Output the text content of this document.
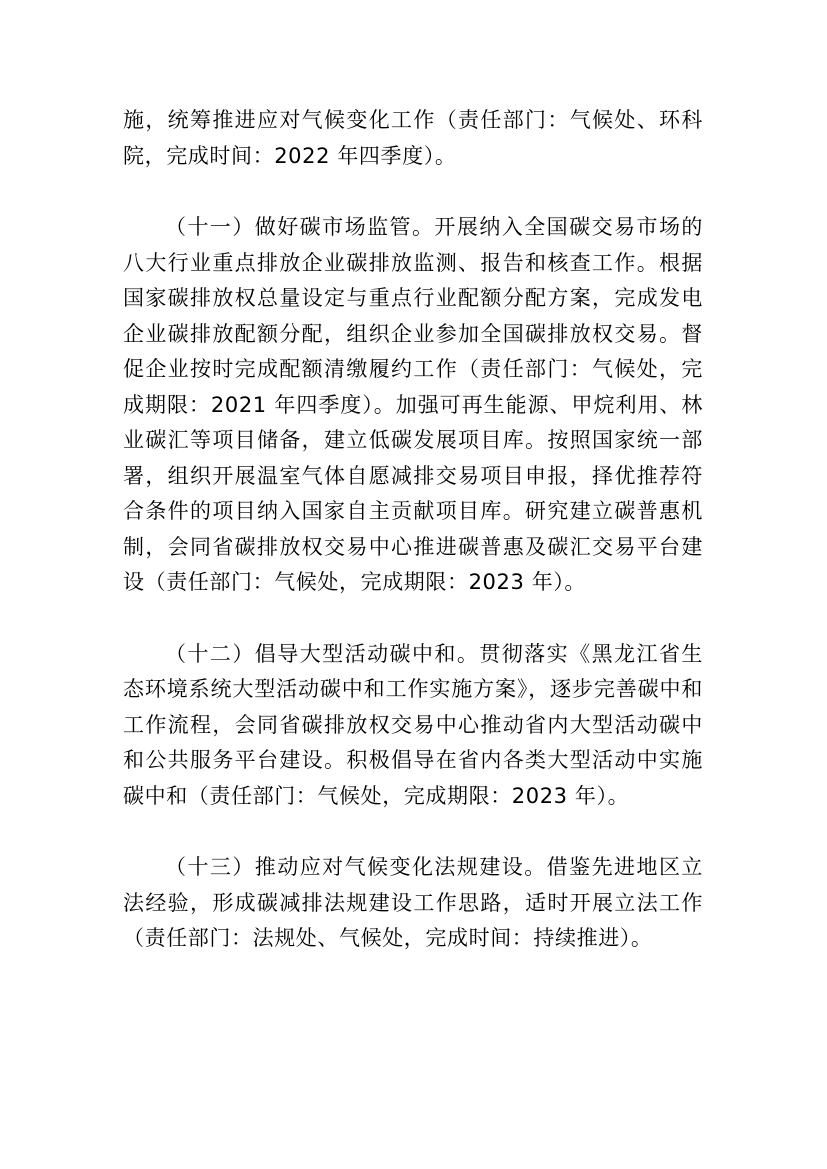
施，统筹推进应对气候变化工作（责任部门：气候处、环科院，完成时间：2022 年四季度）。

（十一）做好碳市场监管。开展纳入全国碳交易市场的八大行业重点排放企业碳排放监测、报告和核查工作。根据国家碳排放权总量设定与重点行业配额分配方案，完成发电企业碳排放配额分配，组织企业参加全国碳排放权交易。督促企业按时完成配额清缴履约工作（责任部门：气候处，完成期限：2021 年四季度）。加强可再生能源、甲烷利用、林业碳汇等项目储备，建立低碳发展项目库。按照国家统一部署，组织开展温室气体自愿减排交易项目申报，择优推荐符合条件的项目纳入国家自主贡献项目库。研究建立碳普惠机制，会同省碳排放权交易中心推进碳普惠及碳汇交易平台建设（责任部门：气候处，完成期限：2023 年）。

（十二）倡导大型活动碳中和。贯彻落实《黑龙江省生态环境系统大型活动碳中和工作实施方案》，逐步完善碳中和工作流程，会同省碳排放权交易中心推动省内大型活动碳中和公共服务平台建设。积极倡导在省内各类大型活动中实施碳中和（责任部门：气候处，完成期限：2023 年）。

（十三）推动应对气候变化法规建设。借鉴先进地区立法经验，形成碳减排法规建设工作思路，适时开展立法工作（责任部门：法规处、气候处，完成时间：持续推进）。
